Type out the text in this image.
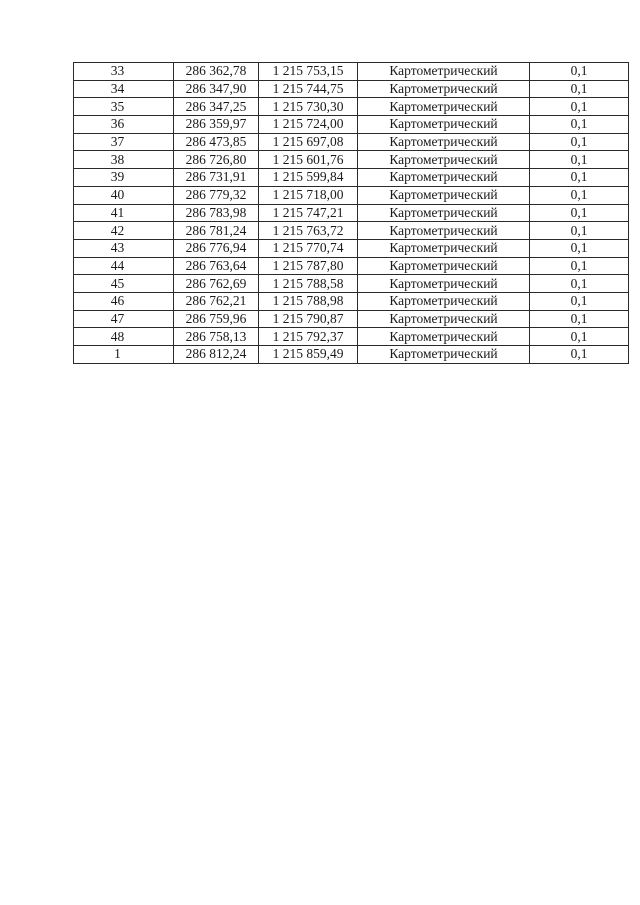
33	286 362,78	1 215 753,15	Картометрический	0,1
34	286 347,90	1 215 744,75	Картометрический	0,1
35	286 347,25	1 215 730,30	Картометрический	0,1
36	286 359,97	1 215 724,00	Картометрический	0,1
37	286 473,85	1 215 697,08	Картометрический	0,1
38	286 726,80	1 215 601,76	Картометрический	0,1
39	286 731,91	1 215 599,84	Картометрический	0,1
40	286 779,32	1 215 718,00	Картометрический	0,1
41	286 783,98	1 215 747,21	Картометрический	0,1
42	286 781,24	1 215 763,72	Картометрический	0,1
43	286 776,94	1 215 770,74	Картометрический	0,1
44	286 763,64	1 215 787,80	Картометрический	0,1
45	286 762,69	1 215 788,58	Картометрический	0,1
46	286 762,21	1 215 788,98	Картометрический	0,1
47	286 759,96	1 215 790,87	Картометрический	0,1
48	286 758,13	1 215 792,37	Картометрический	0,1
1	286 812,24	1 215 859,49	Картометрический	0,1
